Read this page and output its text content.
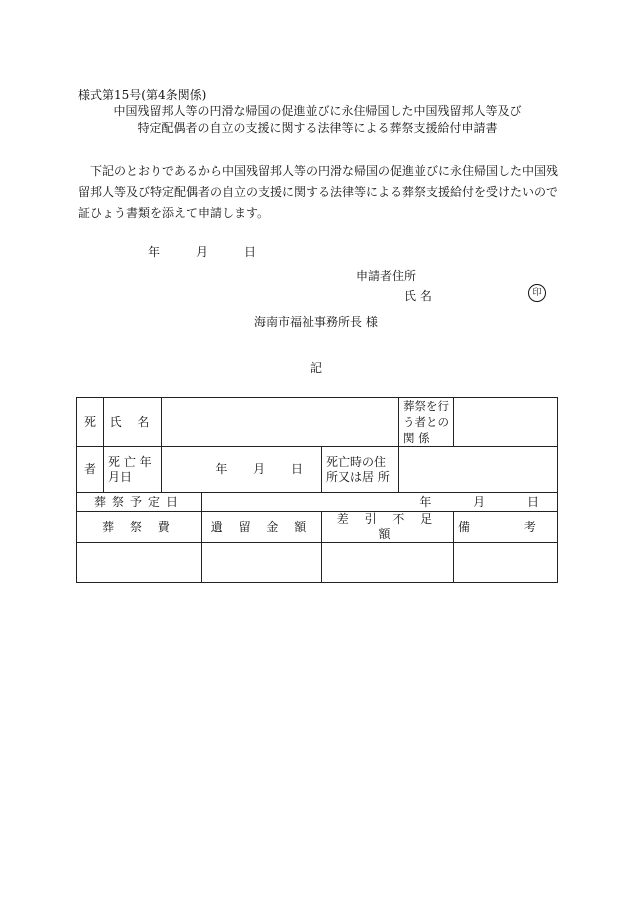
様式第15号(第4条関係)
中国残留邦人等の円滑な帰国の促進並びに永住帰国した中国残留邦人等及び
特定配偶者の自立の支援に関する法律等による葬祭支援給付申請書
下記のとおりであるから中国残留邦人等の円滑な帰国の促進並びに永住帰国した中国残留邦人等及び特定配偶者の自立の支援に関する法律等による葬祭支援給付を受けたいので証ひょう書類を添えて申請します。
年	月	日
申請者住所
氏 名	印
海南市福祉事務所長 様
記
死	氏 名				葬祭を行う者との関 係	
者	死 亡 年月日	年 月 日		死亡時の住所又は居 所		
葬祭予定日			年 月 日			
葬 祭 費			遺 留 金 額	差 引 不 足 額		備 考
